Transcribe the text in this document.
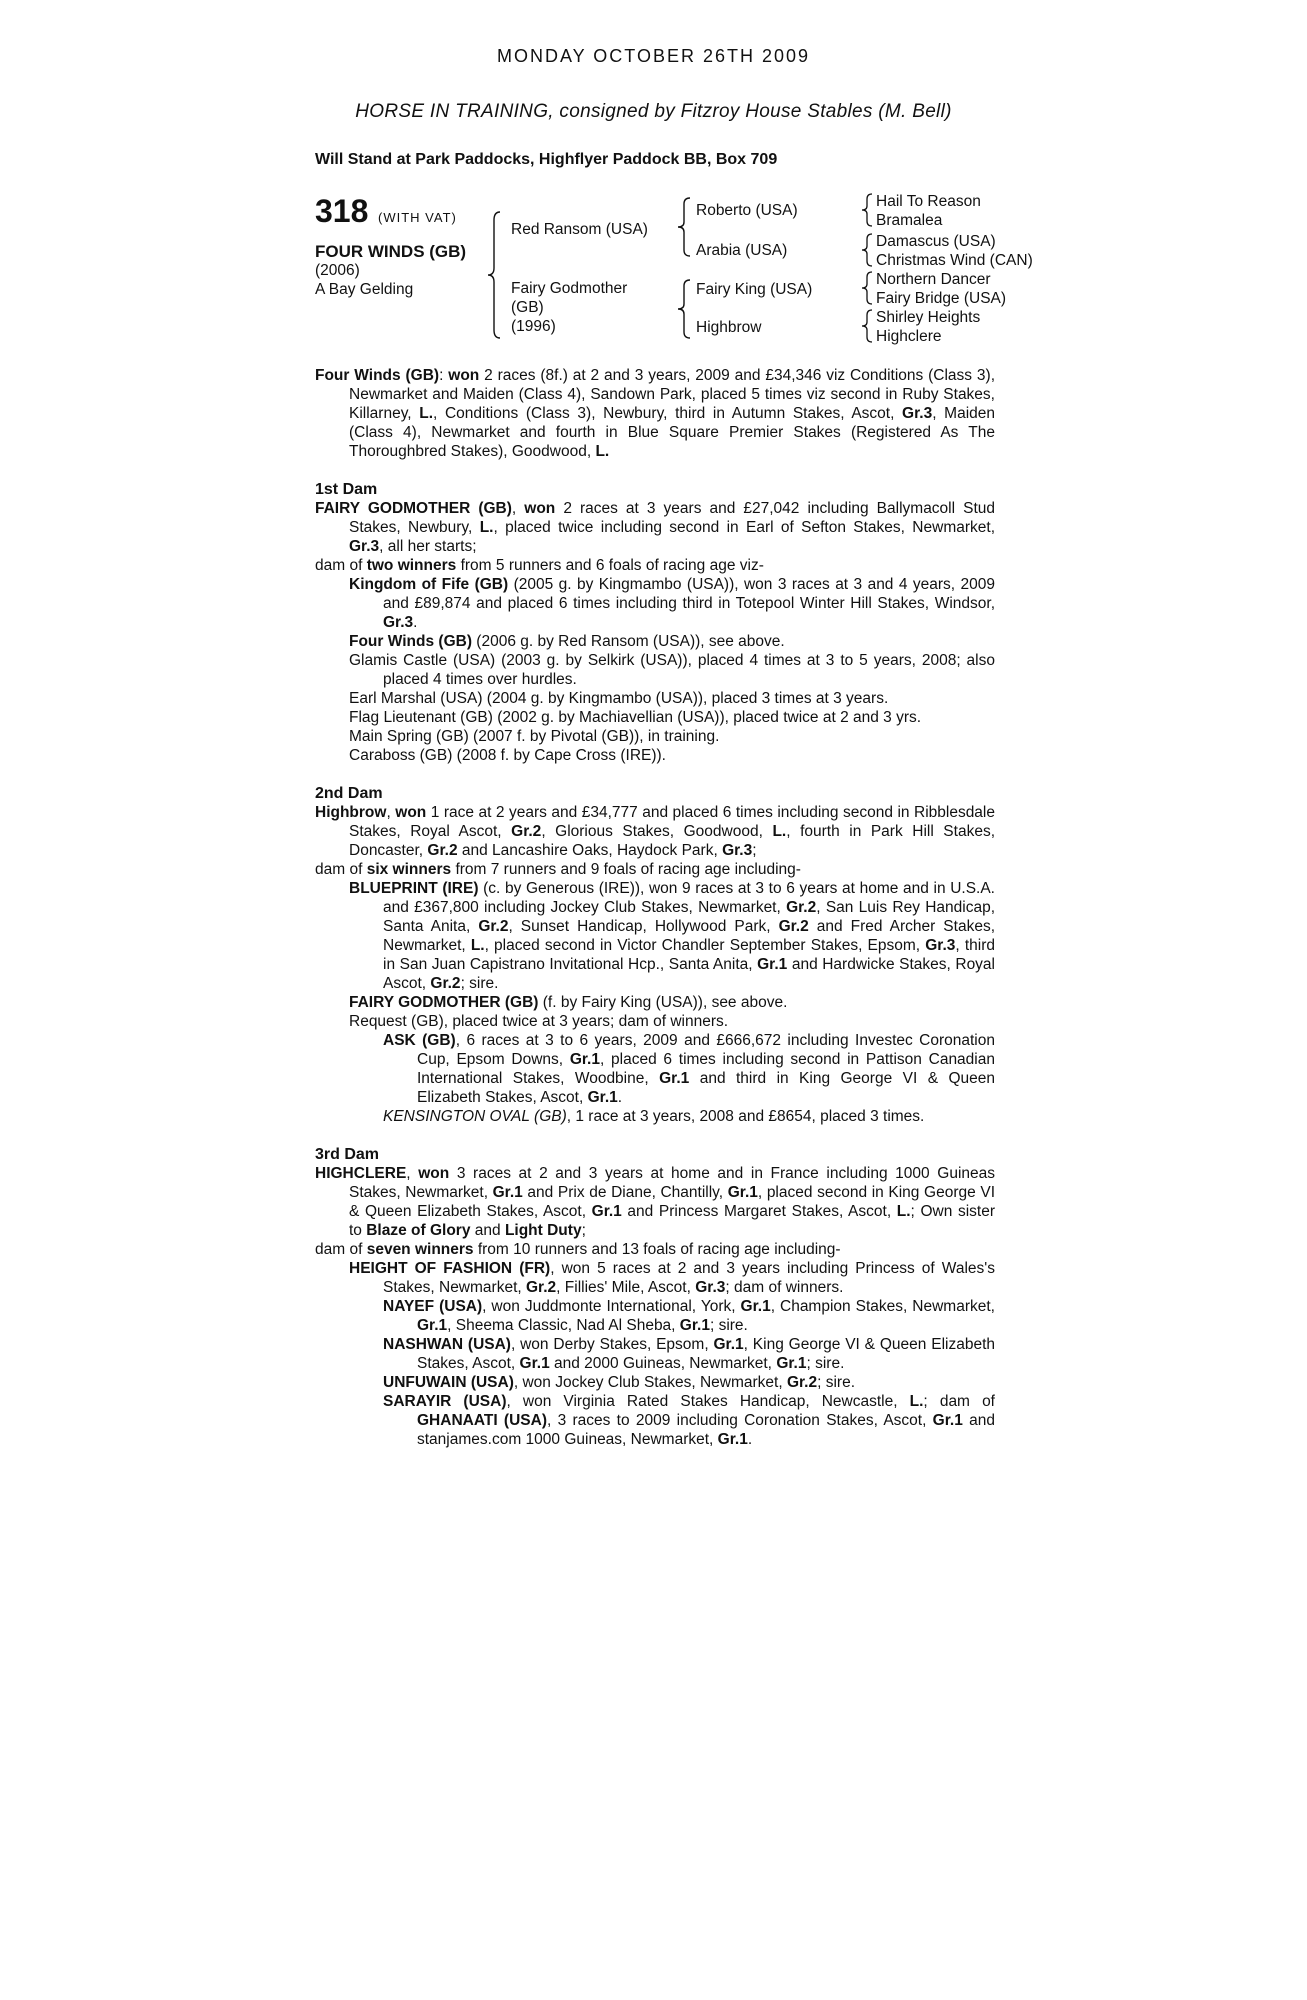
MONDAY OCTOBER 26TH 2009
HORSE IN TRAINING, consigned by Fitzroy House Stables (M. Bell)
Will Stand at Park Paddocks, Highflyer Paddock BB, Box 709
318 (WITH VAT)
FOUR WINDS (GB)
(2006)
A Bay Gelding
Red Ransom (USA)
Fairy Godmother
(GB)
(1996)
Roberto (USA)
Arabia (USA)
Fairy King (USA)
Highbrow
Hail To Reason
Bramalea
Damascus (USA)
Christmas Wind (CAN)
Northern Dancer
Fairy Bridge (USA)
Shirley Heights
Highclere

Four Winds (GB): won 2 races (8f.) at 2 and 3 years, 2009 and £34,346 viz Conditions (Class 3), Newmarket and Maiden (Class 4), Sandown Park, placed 5 times viz second in Ruby Stakes, Killarney, L., Conditions (Class 3), Newbury, third in Autumn Stakes, Ascot, Gr.3, Maiden (Class 4), Newmarket and fourth in Blue Square Premier Stakes (Registered As The Thoroughbred Stakes), Goodwood, L.

1st Dam

FAIRY GODMOTHER (GB), won 2 races at 3 years and £27,042 including Ballymacoll Stud Stakes, Newbury, L., placed twice including second in Earl of Sefton Stakes, Newmarket, Gr.3, all her starts;

dam of two winners from 5 runners and 6 foals of racing age viz-

Kingdom of Fife (GB) (2005 g. by Kingmambo (USA)), won 3 races at 3 and 4 years, 2009 and £89,874 and placed 6 times including third in Totepool Winter Hill Stakes, Windsor, Gr.3.

Four Winds (GB) (2006 g. by Red Ransom (USA)), see above.

Glamis Castle (USA) (2003 g. by Selkirk (USA)), placed 4 times at 3 to 5 years, 2008; also placed 4 times over hurdles.

Earl Marshal (USA) (2004 g. by Kingmambo (USA)), placed 3 times at 3 years.

Flag Lieutenant (GB) (2002 g. by Machiavellian (USA)), placed twice at 2 and 3 yrs.

Main Spring (GB) (2007 f. by Pivotal (GB)), in training.

Caraboss (GB) (2008 f. by Cape Cross (IRE)).

2nd Dam

Highbrow, won 1 race at 2 years and £34,777 and placed 6 times including second in Ribblesdale Stakes, Royal Ascot, Gr.2, Glorious Stakes, Goodwood, L., fourth in Park Hill Stakes, Doncaster, Gr.2 and Lancashire Oaks, Haydock Park, Gr.3;

dam of six winners from 7 runners and 9 foals of racing age including-

BLUEPRINT (IRE) (c. by Generous (IRE)), won 9 races at 3 to 6 years at home and in U.S.A. and £367,800 including Jockey Club Stakes, Newmarket, Gr.2, San Luis Rey Handicap, Santa Anita, Gr.2, Sunset Handicap, Hollywood Park, Gr.2 and Fred Archer Stakes, Newmarket, L., placed second in Victor Chandler September Stakes, Epsom, Gr.3, third in San Juan Capistrano Invitational Hcp., Santa Anita, Gr.1 and Hardwicke Stakes, Royal Ascot, Gr.2; sire.

FAIRY GODMOTHER (GB) (f. by Fairy King (USA)), see above.

Request (GB), placed twice at 3 years; dam of winners.

ASK (GB), 6 races at 3 to 6 years, 2009 and £666,672 including Investec Coronation Cup, Epsom Downs, Gr.1, placed 6 times including second in Pattison Canadian International Stakes, Woodbine, Gr.1 and third in King George VI & Queen Elizabeth Stakes, Ascot, Gr.1.

KENSINGTON OVAL (GB), 1 race at 3 years, 2008 and £8654, placed 3 times.

3rd Dam

HIGHCLERE, won 3 races at 2 and 3 years at home and in France including 1000 Guineas Stakes, Newmarket, Gr.1 and Prix de Diane, Chantilly, Gr.1, placed second in King George VI & Queen Elizabeth Stakes, Ascot, Gr.1 and Princess Margaret Stakes, Ascot, L.; Own sister to Blaze of Glory and Light Duty;

dam of seven winners from 10 runners and 13 foals of racing age including-

HEIGHT OF FASHION (FR), won 5 races at 2 and 3 years including Princess of Wales's Stakes, Newmarket, Gr.2, Fillies' Mile, Ascot, Gr.3; dam of winners.

NAYEF (USA), won Juddmonte International, York, Gr.1, Champion Stakes, Newmarket, Gr.1, Sheema Classic, Nad Al Sheba, Gr.1; sire.

NASHWAN (USA), won Derby Stakes, Epsom, Gr.1, King George VI & Queen Elizabeth Stakes, Ascot, Gr.1 and 2000 Guineas, Newmarket, Gr.1; sire.

UNFUWAIN (USA), won Jockey Club Stakes, Newmarket, Gr.2; sire.

SARAYIR (USA), won Virginia Rated Stakes Handicap, Newcastle, L.; dam of GHANAATI (USA), 3 races to 2009 including Coronation Stakes, Ascot, Gr.1 and stanjames.com 1000 Guineas, Newmarket, Gr.1.
